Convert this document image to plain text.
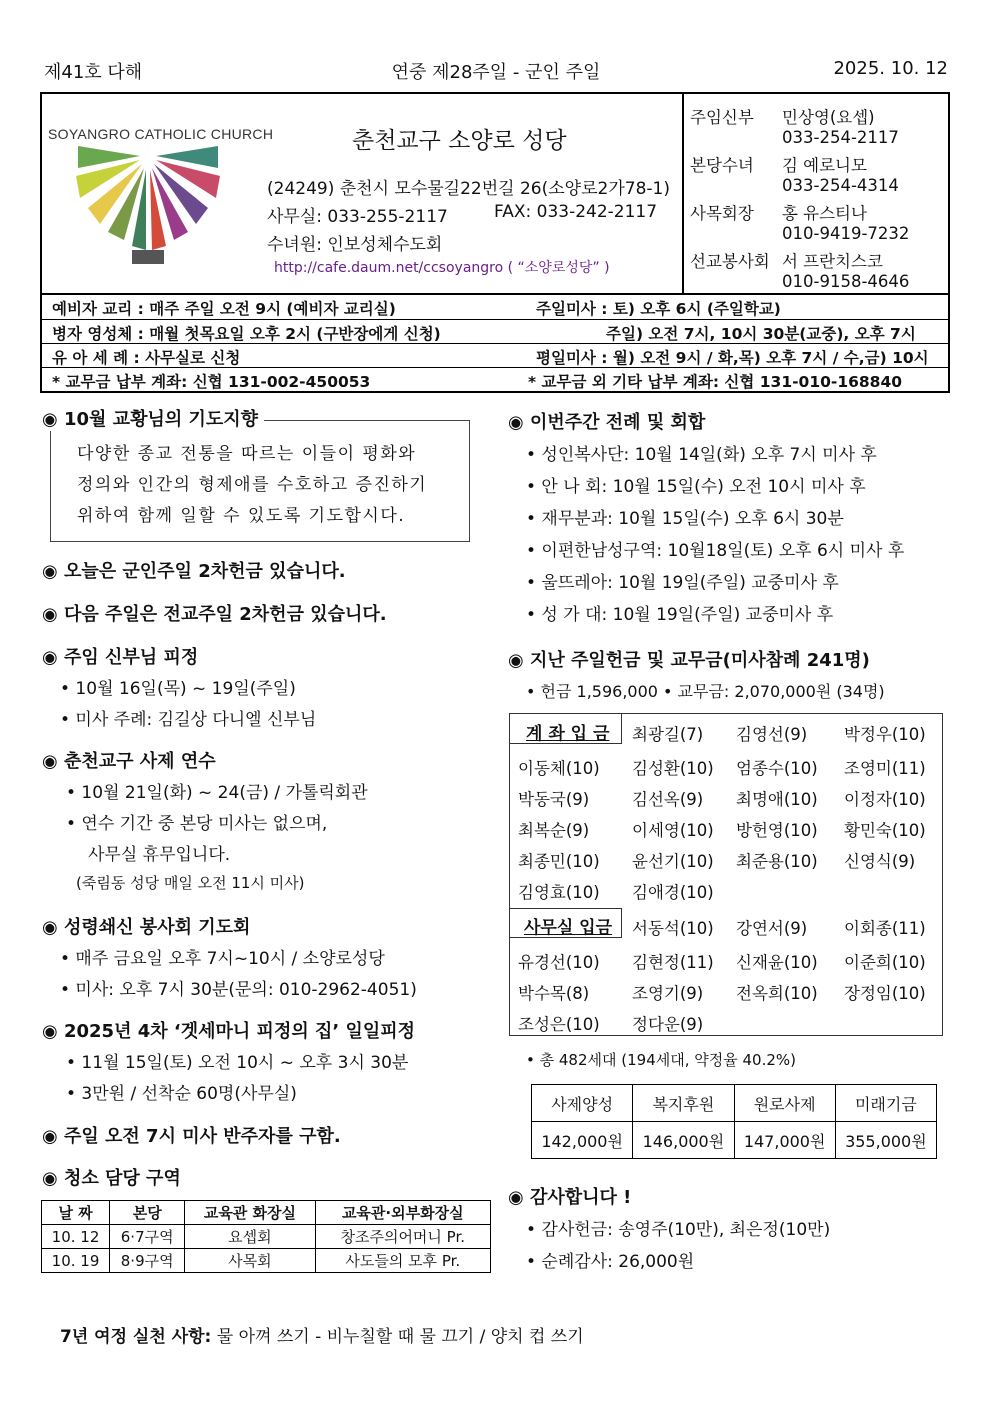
제41호 다해	연중 제28주일 - 군인 주일	2025. 10. 12
SOYANGRO CATHOLIC CHURCH	춘천교구 소양로 성당
(24249) 춘천시 모수물길22번길 26(소양로2가78-1)
사무실: 033-255-2117	FAX: 033-242-2117
수녀원: 인보성체수도회
http://cafe.daum.net/ccsoyangro ( “소양로성당” )
주임신부 민상영(요셉)
033-254-2117
본당수녀 김 예로니모
033-254-4314
사목회장 홍 유스티나
010-9419-7232
선교봉사회 서 프란치스코
010-9158-4646
예비자 교리 : 매주 주일 오전 9시 (예비자 교리실)	주일미사 : 토) 오후 6시 (주일학교)
병자 영성체 : 매월 첫목요일 오후 2시 (구반장에게 신청)	주일) 오전 7시, 10시 30분(교중), 오후 7시
유 아 세 례 : 사무실로 신청	평일미사 : 월) 오전 9시 / 화,목) 오후 7시 / 수,금) 10시
* 교무금 납부 계좌: 신협 131-002-450053	* 교무금 외 기타 납부 계좌: 신협 131-010-168840
다양한 종교 전통을 따르는 이들이 평화와
정의와 인간의 형제애를 수호하고 증진하기
위하여 함께 일할 수 있도록 기도합시다.
◉ 10월 교황님의 기도지향
◉ 오늘은 군인주일 2차헌금 있습니다.
◉ 다음 주일은 전교주일 2차헌금 있습니다.
◉ 주임 신부님 피정
• 10월 16일(목) ~ 19일(주일)
• 미사 주례: 김길상 다니엘 신부님
◉ 춘천교구 사제 연수
• 10월 21일(화) ~ 24(금) / 가톨릭회관
• 연수 기간 중 본당 미사는 없으며,
사무실 휴무입니다.
(죽림동 성당 매일 오전 11시 미사)
◉ 성령쇄신 봉사회 기도회
• 매주 금요일 오후 7시~10시 / 소양로성당
• 미사: 오후 7시 30분(문의: 010-2962-4051)
◉ 2025년 4차 ‘겟세마니 피정의 집’ 일일피정
• 11월 15일(토) 오전 10시 ~ 오후 3시 30분
• 3만원 / 선착순 60명(사무실)
◉ 주일 오전 7시 미사 반주자를 구함.
◉ 청소 담당 구역
날 짜	본당	교육관 화장실	교육관·외부화장실
10. 12	6·7구역	요셉회	창조주의어머니 Pr.
10. 19	8·9구역	사목회	사도들의 모후 Pr.
◉ 이번주간 전례 및 회합
• 성인복사단: 10월 14일(화) 오후 7시 미사 후
• 안 나 회: 10월 15일(수) 오전 10시 미사 후
• 재무분과: 10월 15일(수) 오후 6시 30분
• 이편한남성구역: 10월18일(토) 오후 6시 미사 후
• 울뜨레아: 10월 19일(주일) 교중미사 후
• 성 가 대: 10월 19일(주일) 교중미사 후
◉ 지난 주일헌금 및 교무금(미사참례 241명)
• 헌금 1,596,000 • 교무금: 2,070,000원 (34명)
계 좌 입 금 최광길(7) 김영선(9) 박정우(10)
이동체(10) 김성환(10) 엄종수(10) 조영미(11)
박동국(9)	김선옥(9) 최명애(10) 이정자(10)
최복순(9)	이세영(10) 방헌영(10) 황민숙(10)
최종민(10) 윤선기(10) 최준용(10) 신영식(9)
김영효(10) 김애경(10)
사무실 입금 서동석(10) 강연서(9) 이회종(11)
유경선(10) 김현정(11) 신재윤(10) 이준희(10)
박수목(8)	조영기(9) 전옥희(10) 장정임(10)
조성은(10) 정다운(9)
• 총 482세대 (194세대, 약정율 40.2%)
사제양성	복지후원	원로사제	미래기금
142,000원	146,000원	147,000원	355,000원
◉ 감사합니다 !
• 감사헌금: 송영주(10만), 최은정(10만)
• 순례감사: 26,000원
7년 여정 실천 사항: 물 아껴 쓰기 - 비누칠할 때 물 끄기 / 양치 컵 쓰기
